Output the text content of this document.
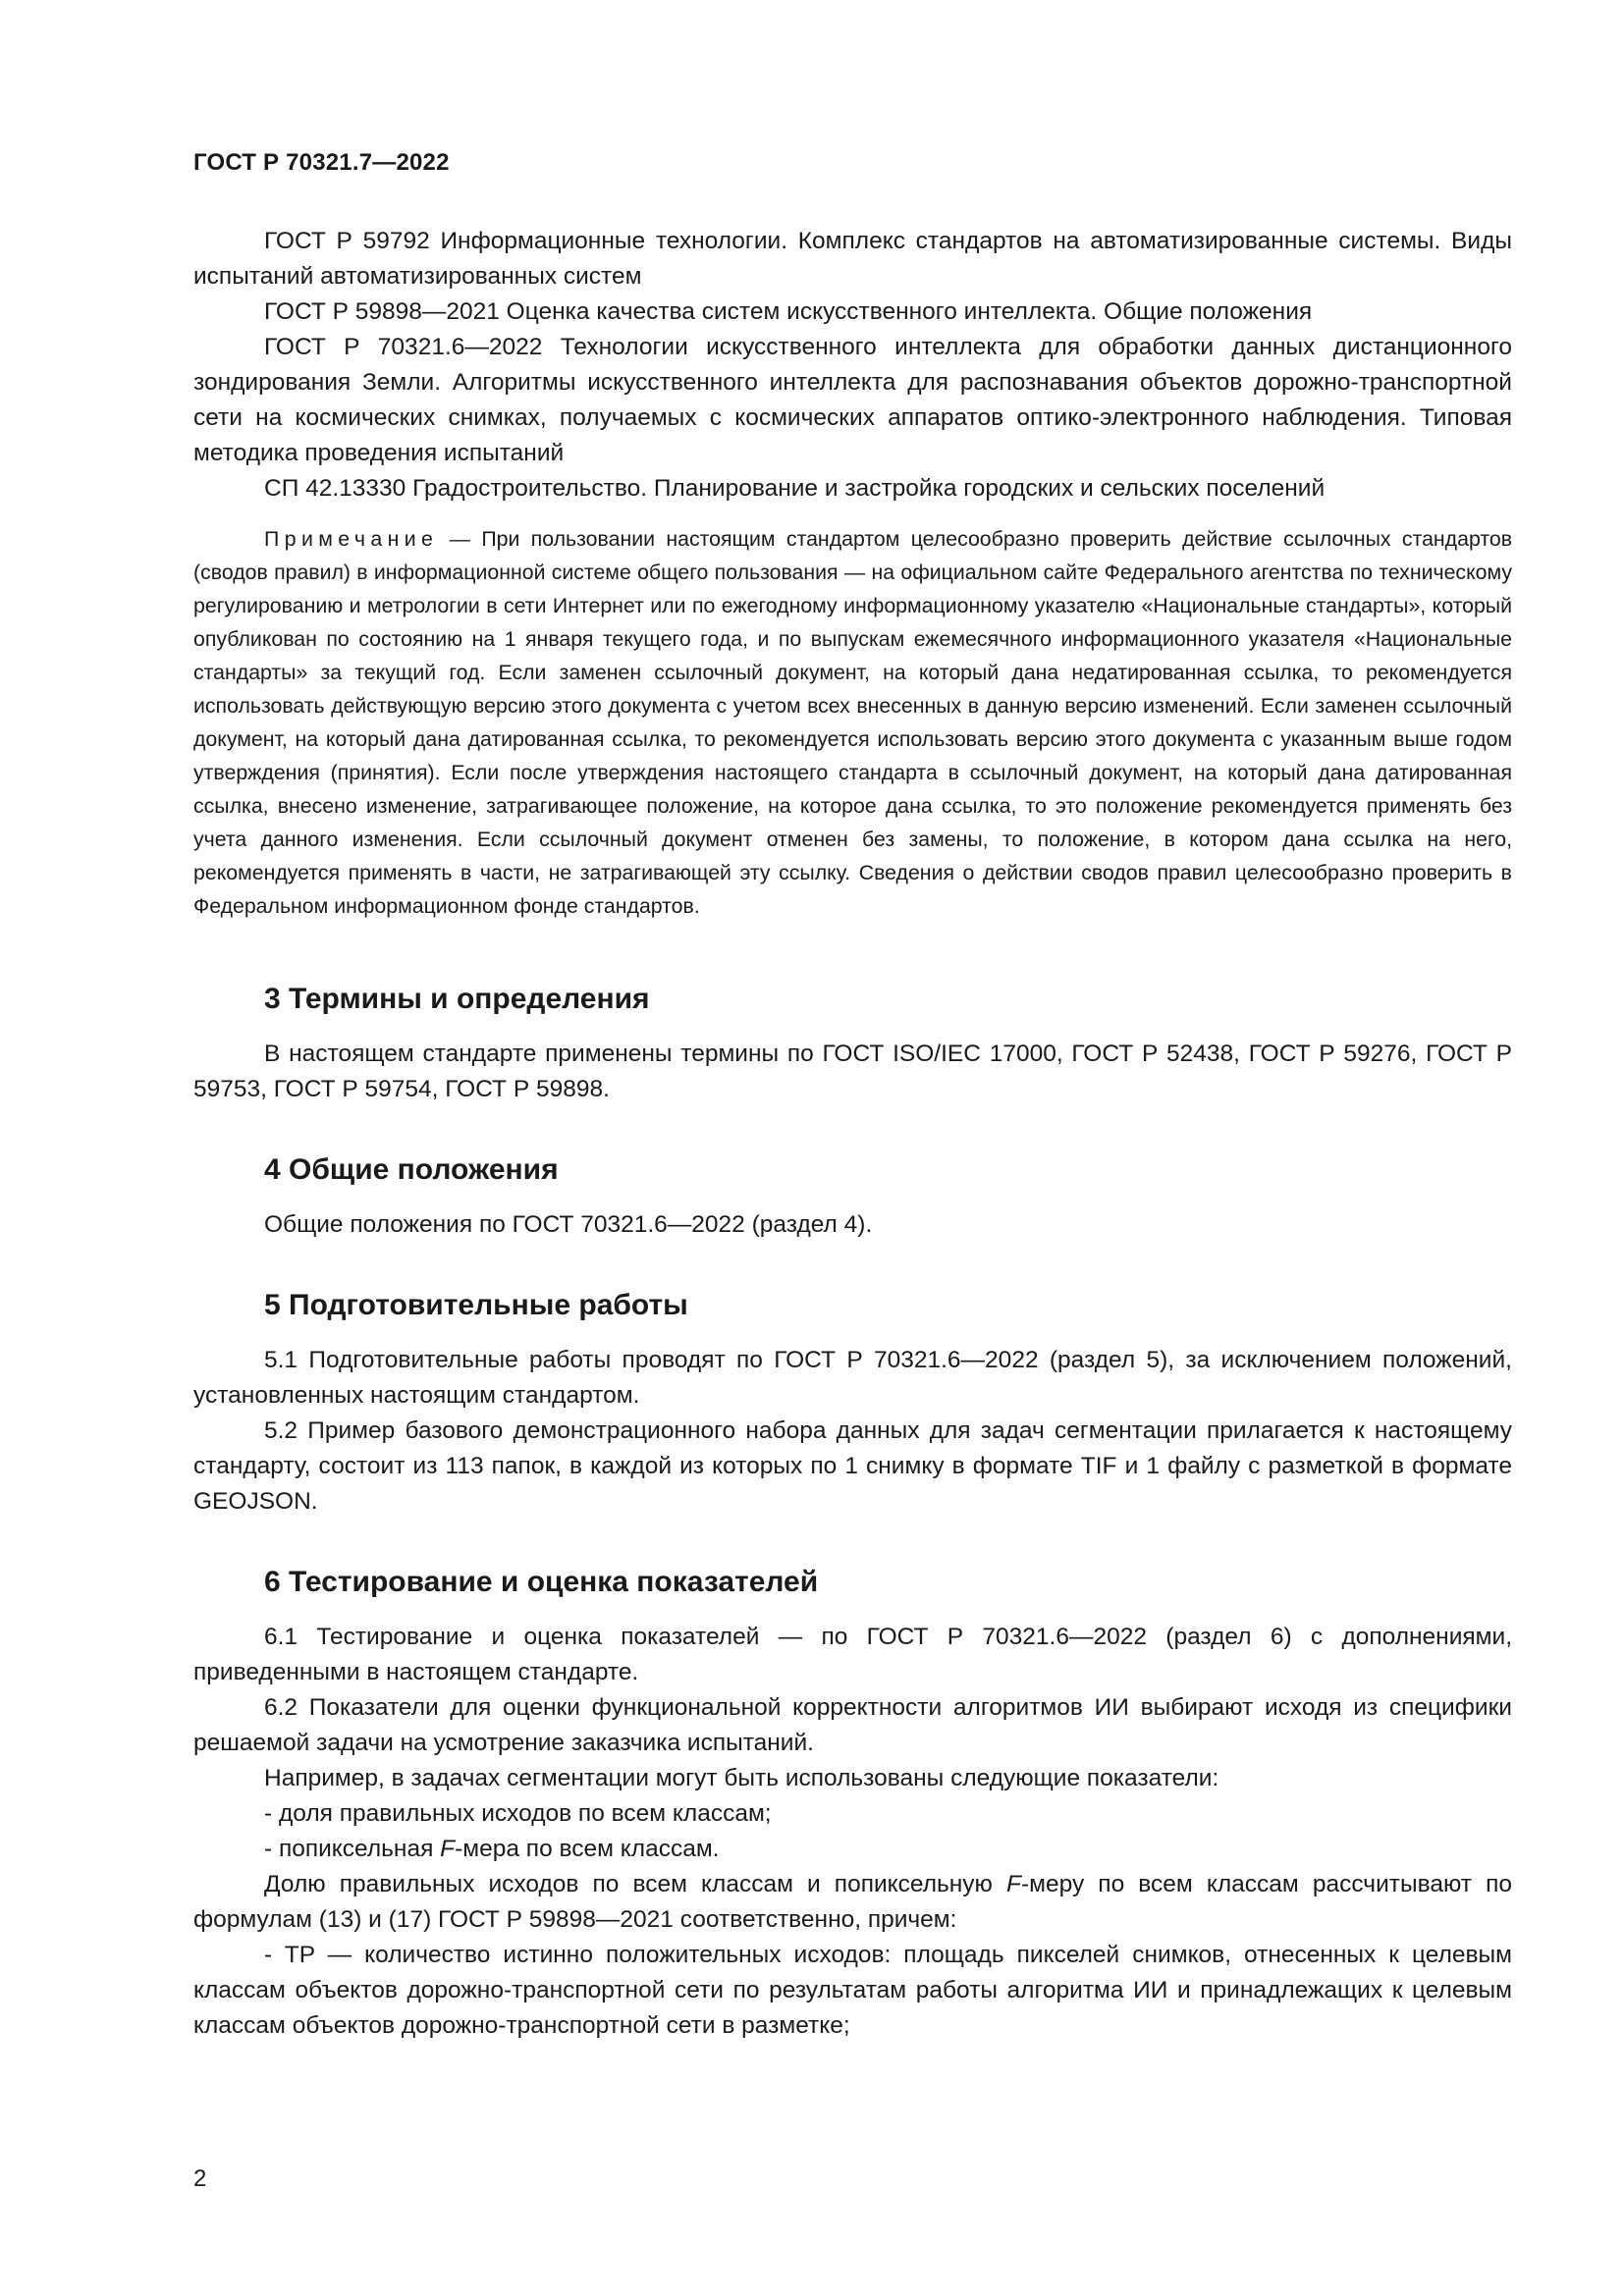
ГОСТ Р 70321.7—2022

ГОСТ Р 59792 Информационные технологии. Комплекс стандартов на автоматизированные системы. Виды испытаний автоматизированных систем

ГОСТ Р 59898—2021 Оценка качества систем искусственного интеллекта. Общие положения

ГОСТ Р 70321.6—2022 Технологии искусственного интеллекта для обработки данных дистанционного зондирования Земли. Алгоритмы искусственного интеллекта для распознавания объектов дорожно-транспортной сети на космических снимках, получаемых с космических аппаратов оптико-электронного наблюдения. Типовая методика проведения испытаний

СП 42.13330 Градостроительство. Планирование и застройка городских и сельских поселений

Примечание — При пользовании настоящим стандартом целесообразно проверить действие ссылочных стандартов (сводов правил) в информационной системе общего пользования — на официальном сайте Федерального агентства по техническому регулированию и метрологии в сети Интернет или по ежегодному информационному указателю «Национальные стандарты», который опубликован по состоянию на 1 января текущего года, и по выпускам ежемесячного информационного указателя «Национальные стандарты» за текущий год. Если заменен ссылочный документ, на который дана недатированная ссылка, то рекомендуется использовать действующую версию этого документа с учетом всех внесенных в данную версию изменений. Если заменен ссылочный документ, на который дана датированная ссылка, то рекомендуется использовать версию этого документа с указанным выше годом утверждения (принятия). Если после утверждения настоящего стандарта в ссылочный документ, на который дана датированная ссылка, внесено изменение, затрагивающее положение, на которое дана ссылка, то это положение рекомендуется применять без учета данного изменения. Если ссылочный документ отменен без замены, то положение, в котором дана ссылка на него, рекомендуется применять в части, не затрагивающей эту ссылку. Сведения о действии сводов правил целесообразно проверить в Федеральном информационном фонде стандартов.

3 Термины и определения

В настоящем стандарте применены термины по ГОСТ ISO/IEC 17000, ГОСТ Р 52438, ГОСТ Р 59276, ГОСТ Р 59753, ГОСТ Р 59754, ГОСТ Р 59898.

4 Общие положения

Общие положения по ГОСТ 70321.6—2022 (раздел 4).

5 Подготовительные работы

5.1 Подготовительные работы проводят по ГОСТ Р 70321.6—2022 (раздел 5), за исключением положений, установленных настоящим стандартом.

5.2 Пример базового демонстрационного набора данных для задач сегментации прилагается к настоящему стандарту, состоит из 113 папок, в каждой из которых по 1 снимку в формате TIF и 1 файлу с разметкой в формате GEOJSON.

6 Тестирование и оценка показателей

6.1 Тестирование и оценка показателей — по ГОСТ Р 70321.6—2022 (раздел 6) с дополнениями, приведенными в настоящем стандарте.

6.2 Показатели для оценки функциональной корректности алгоритмов ИИ выбирают исходя из специфики решаемой задачи на усмотрение заказчика испытаний.

Например, в задачах сегментации могут быть использованы следующие показатели:

- доля правильных исходов по всем классам;

- попиксельная F-мера по всем классам.

Долю правильных исходов по всем классам и попиксельную F-меру по всем классам рассчитывают по формулам (13) и (17) ГОСТ Р 59898—2021 соответственно, причем:

- TP — количество истинно положительных исходов: площадь пикселей снимков, отнесенных к целевым классам объектов дорожно-транспортной сети по результатам работы алгоритма ИИ и принадлежащих к целевым классам объектов дорожно-транспортной сети в разметке;

2
